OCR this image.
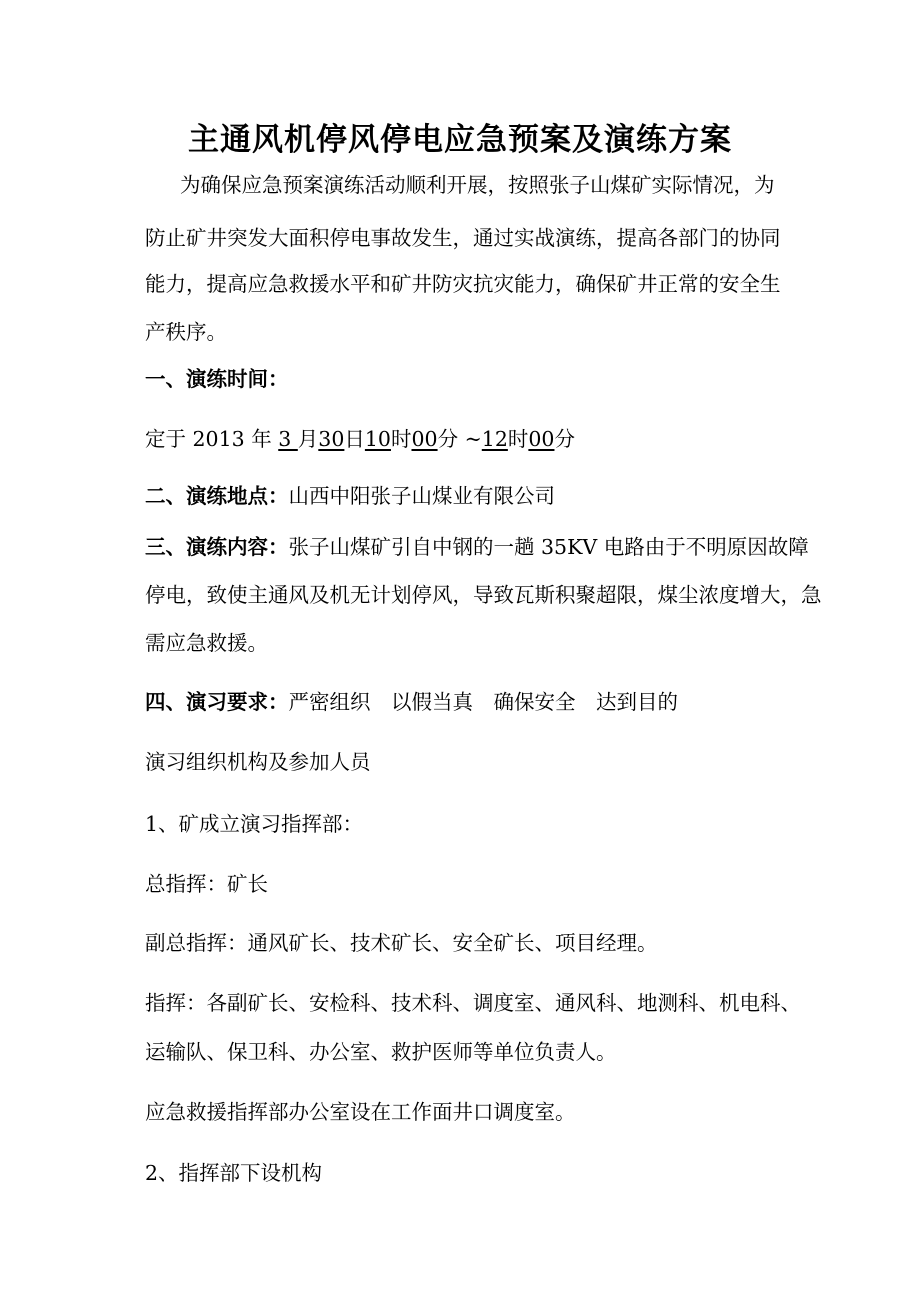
主通风机停风停电应急预案及演练方案
为确保应急预案演练活动顺利开展，按照张子山煤矿实际情况，为
防止矿井突发大面积停电事故发生，通过实战演练，提高各部门的协同
能力，提高应急救援水平和矿井防灾抗灾能力，确保矿井正常的安全生
产秩序。
一、演练时间：
定于 2013 年 3 月30日10时00分 ~12时00分
二、演练地点：山西中阳张子山煤业有限公司
三、演练内容：张子山煤矿引自中钢的一趟 35KV 电路由于不明原因故障
停电，致使主通风及机无计划停风，导致瓦斯积聚超限，煤尘浓度增大，急
需应急救援。
四、演习要求：严密组织　以假当真　确保安全　达到目的
演习组织机构及参加人员
1、矿成立演习指挥部：
总指挥：矿长
副总指挥：通风矿长、技术矿长、安全矿长、项目经理。
指挥：各副矿长、安检科、技术科、调度室、通风科、地测科、机电科、
运输队、保卫科、办公室、救护医师等单位负责人。
应急救援指挥部办公室设在工作面井口调度室。
2、指挥部下设机构
